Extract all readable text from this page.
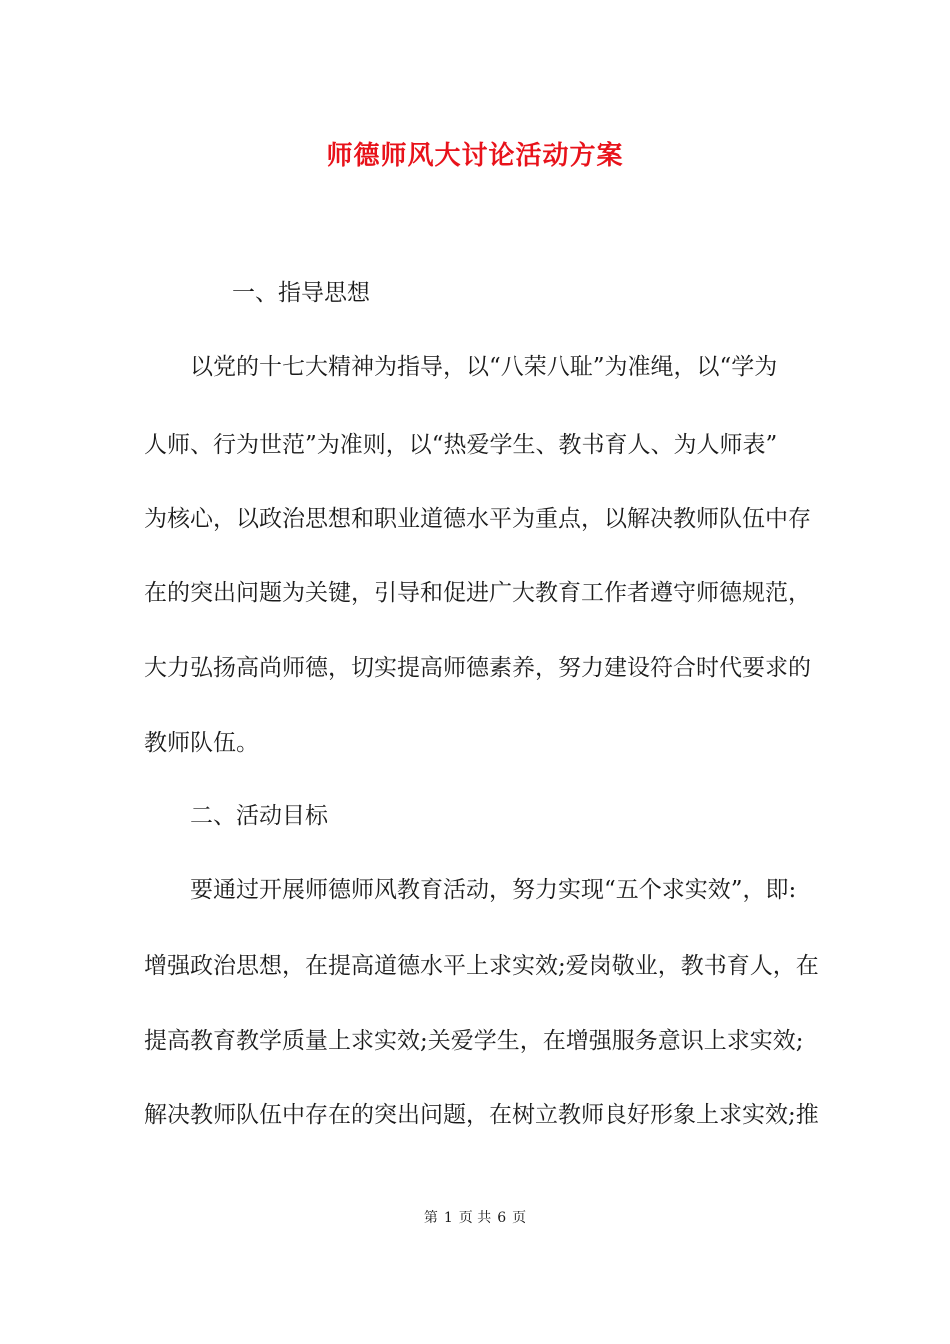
师德师风大讨论活动方案
一、指导思想
以党的十七大精神为指导，以“八荣八耻”为准绳，以“学为
人师、行为世范”为准则，以“热爱学生、教书育人、为人师表”
为核心，以政治思想和职业道德水平为重点，以解决教师队伍中存
在的突出问题为关键，引导和促进广大教育工作者遵守师德规范，
大力弘扬高尚师德，切实提高师德素养，努力建设符合时代要求的
教师队伍。
二、活动目标
要通过开展师德师风教育活动，努力实现“五个求实效”，即:
增强政治思想，在提高道德水平上求实效;爱岗敬业，教书育人，在
提高教育教学质量上求实效;关爱学生，在增强服务意识上求实效;
解决教师队伍中存在的突出问题，在树立教师良好形象上求实效;推
第 1 页 共 6 页
